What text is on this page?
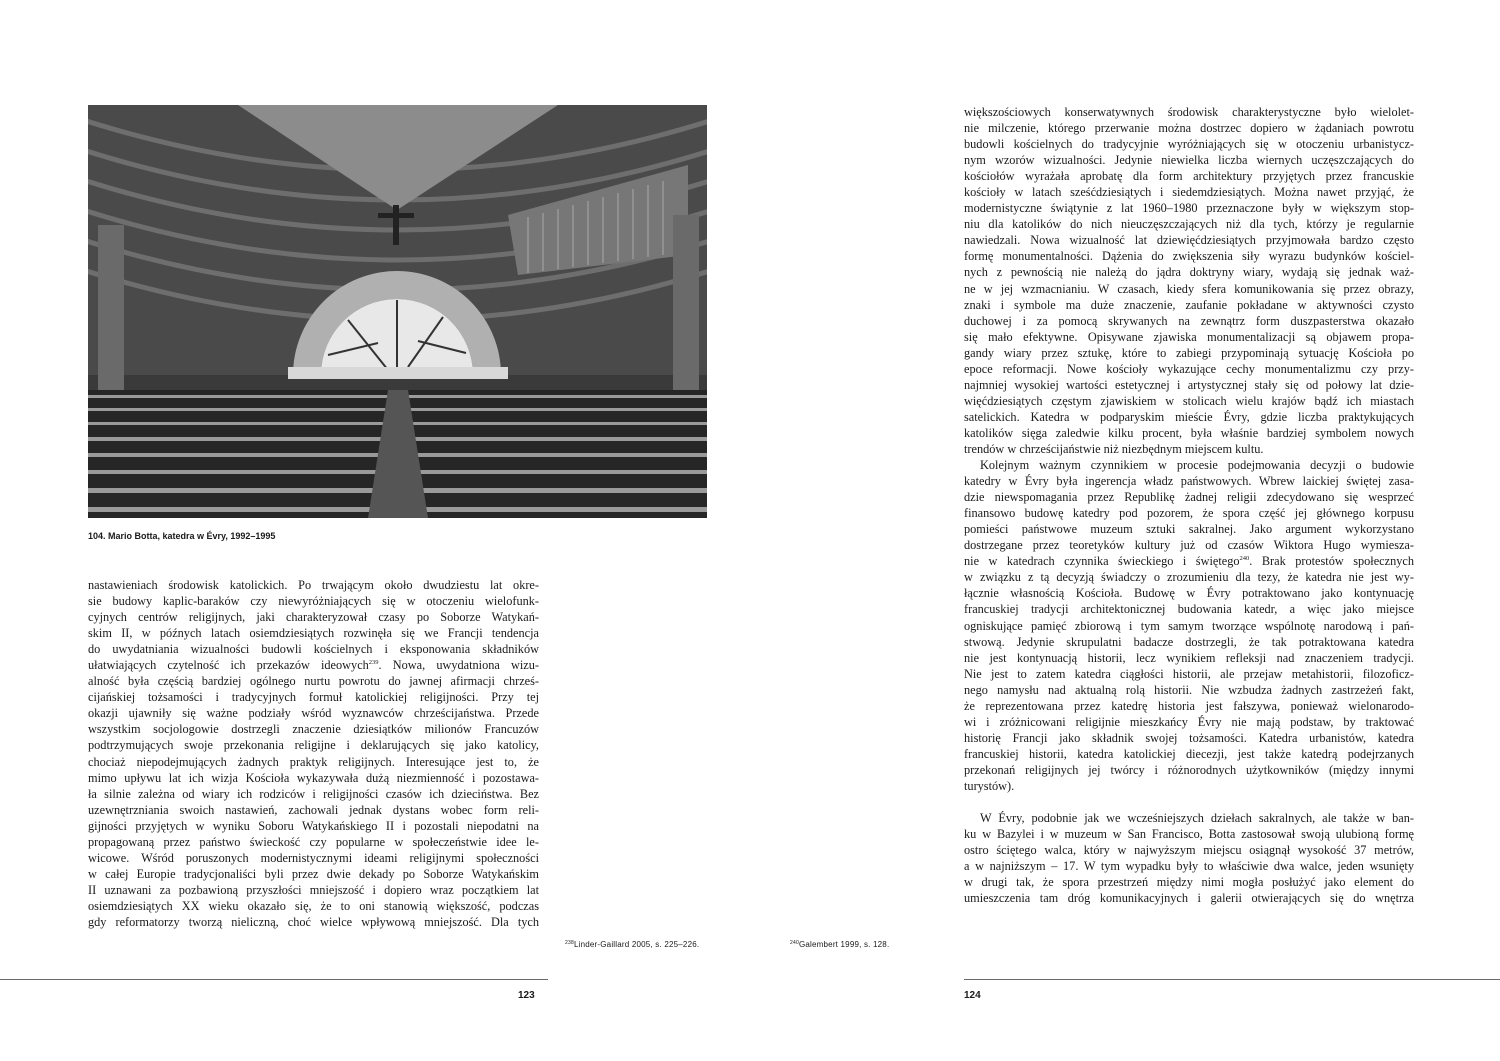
104. Mario Botta, katedra w Évry, 1992–1995
nastawieniach środowisk katolickich. Po trwającym około dwudziestu lat okre-
sie budowy kaplic-baraków czy niewyróżniających się w otoczeniu wielofunk-
cyjnych centrów religijnych, jaki charakteryzował czasy po Soborze Watykań-
skim II, w późnych latach osiemdziesiątych rozwinęła się we Francji tendencja
do uwydatniania wizualności budowli kościelnych i eksponowania składników
ułatwiających czytelność ich przekazów ideowych$^{239}$. Nowa, uwydatniona wizu-
alność była częścią bardziej ogólnego nurtu powrotu do jawnej afirmacji chrześ-
cijańskiej tożsamości i tradycyjnych formuł katolickiej religijności. Przy tej
okazji ujawniły się ważne podziały wśród wyznawców chrześcijaństwa. Przede
wszystkim socjologowie dostrzegli znaczenie dziesiątków milionów Francuzów
podtrzymujących swoje przekonania religijne i deklarujących się jako katolicy,
chociaż niepodejmujących żadnych praktyk religijnych. Interesujące jest to, że
mimo upływu lat ich wizja Kościoła wykazywała dużą niezmienność i pozostawa-
ła silnie zależna od wiary ich rodziców i religijności czasów ich dzieciństwa. Bez
uzewnętrzniania swoich nastawień, zachowali jednak dystans wobec form reli-
gijności przyjętych w wyniku Soboru Watykańskiego II i pozostali niepodatni na
propagowaną przez państwo świeckość czy popularne w społeczeństwie idee le-
wicowe. Wśród poruszonych modernistycznymi ideami religijnymi społeczności
w całej Europie tradycjonaliści byli przez dwie dekady po Soborze Watykańskim
II uznawani za pozbawioną przyszłości mniejszość i dopiero wraz początkiem lat
osiemdziesiątych XX wieku okazało się, że to oni stanowią większość, podczas
gdy reformatorzy tworzą nieliczną, choć wielce wpływową mniejszość. Dla tych
$^{238}$Linder-Gaillard 2005, s. 225–226.
123
$^{240}$Galembert 1999, s. 128.
większościowych konserwatywnych środowisk charakterystyczne było wielolet-
nie milczenie, którego przerwanie można dostrzec dopiero w żądaniach powrotu
budowli kościelnych do tradycyjnie wyróżniających się w otoczeniu urbanistycz-
nym wzorów wizualności. Jedynie niewielka liczba wiernych uczęszczających do
kościołów wyrażała aprobatę dla form architektury przyjętych przez francuskie
kościoły w latach sześćdziesiątych i siedemdziesiątych. Można nawet przyjąć, że
modernistyczne świątynie z lat 1960–1980 przeznaczone były w większym stop-
niu dla katolików do nich nieuczęszczających niż dla tych, którzy je regularnie
nawiedzali. Nowa wizualność lat dziewięćdziesiątych przyjmowała bardzo często
formę monumentalności. Dążenia do zwiększenia siły wyrazu budynków kościel-
nych z pewnością nie należą do jądra doktryny wiary, wydają się jednak waż-
ne w jej wzmacnianiu. W czasach, kiedy sfera komunikowania się przez obrazy,
znaki i symbole ma duże znaczenie, zaufanie pokładane w aktywności czysto
duchowej i za pomocą skrywanych na zewnątrz form duszpasterstwa okazało
się mało efektywne. Opisywane zjawiska monumentalizacji są objawem propa-
gandy wiary przez sztukę, które to zabiegi przypominają sytuację Kościoła po
epoce reformacji. Nowe kościoły wykazujące cechy monumentalizmu czy przy-
najmniej wysokiej wartości estetycznej i artystycznej stały się od połowy lat dzie-
więćdziesiątych częstym zjawiskiem w stolicach wielu krajów bądź ich miastach
satelickich. Katedra w podparyskim mieście Évry, gdzie liczba praktykujących
katolików sięga zaledwie kilku procent, była właśnie bardziej symbolem nowych
trendów w chrześcijaństwie niż niezbędnym miejscem kultu.
Kolejnym ważnym czynnikiem w procesie podejmowania decyzji o budowie
katedry w Évry była ingerencja władz państwowych. Wbrew laickiej świętej zasa-
dzie niewspomagania przez Republikę żadnej religii zdecydowano się wesprzeć
finansowo budowę katedry pod pozorem, że spora część jej głównego korpusu
pomieści państwowe muzeum sztuki sakralnej. Jako argument wykorzystano
dostrzegane przez teoretyków kultury już od czasów Wiktora Hugo wymiesza-
nie w katedrach czynnika świeckiego i świętego$^{240}$. Brak protestów społecznych
w związku z tą decyzją świadczy o zrozumieniu dla tezy, że katedra nie jest wy-
łącznie własnością Kościoła. Budowę w Évry potraktowano jako kontynuację
francuskiej tradycji architektonicznej budowania katedr, a więc jako miejsce
ogniskujące pamięć zbiorową i tym samym tworzące wspólnotę narodową i pań-
stwową. Jedynie skrupulatni badacze dostrzegli, że tak potraktowana katedra
nie jest kontynuacją historii, lecz wynikiem refleksji nad znaczeniem tradycji.
Nie jest to zatem katedra ciągłości historii, ale przejaw metahistorii, filozoficz-
nego namysłu nad aktualną rolą historii. Nie wzbudza żadnych zastrzeżeń fakt,
że reprezentowana przez katedrę historia jest fałszywa, ponieważ wielonarodo-
wi i zróżnicowani religijnie mieszkańcy Évry nie mają podstaw, by traktować
historię Francji jako składnik swojej tożsamości. Katedra urbanistów, katedra
francuskiej historii, katedra katolickiej diecezji, jest także katedrą podejrzanych
przekonań religijnych jej twórcy i różnorodnych użytkowników (między innymi
turystów).
W Évry, podobnie jak we wcześniejszych dziełach sakralnych, ale także w ban-
ku w Bazylei i w muzeum w San Francisco, Botta zastosował swoją ulubioną formę
ostro ściętego walca, który w najwyższym miejscu osiągnął wysokość 37 metrów,
a w najniższym – 17. W tym wypadku były to właściwie dwa walce, jeden wsunięty
w drugi tak, że spora przestrzeń między nimi mogła posłużyć jako element do
umieszczenia tam dróg komunikacyjnych i galerii otwierających się do wnętrza
124
